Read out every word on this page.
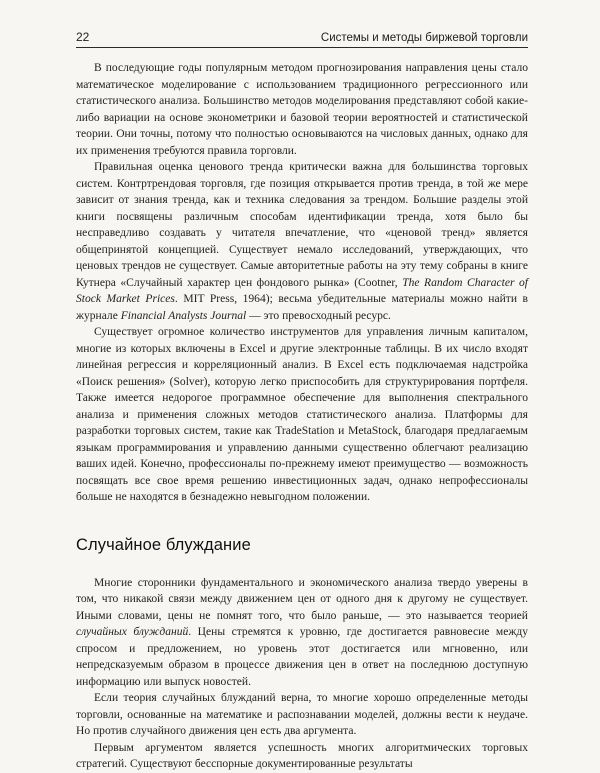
22	Системы и методы биржевой торговли

В последующие годы популярным методом прогнозирования направления цены стало математическое моделирование с использованием традиционного регрессионного или статистического анализа. Большинство методов моделирования представляют собой какие-либо вариации на основе эконометрики и базовой теории вероятностей и статистической теории. Они точны, потому что полностью основываются на числовых данных, однако для их применения требуются правила торговли.

Правильная оценка ценового тренда критически важна для большинства торговых систем. Контртрендовая торговля, где позиция открывается против тренда, в той же мере зависит от знания тренда, как и техника следования за трендом. Большие разделы этой книги посвящены различным способам идентификации тренда, хотя было бы несправедливо создавать у читателя впечатление, что «ценовой тренд» является общепринятой концепцией. Существует немало исследований, утверждающих, что ценовых трендов не существует. Самые авторитетные работы на эту тему собраны в книге Кутнера «Случайный характер цен фондового рынка» (Cootner, The Random Character of Stock Market Prices. MIT Press, 1964); весьма убедительные материалы можно найти в журнале Financial Analysts Journal — это превосходный ресурс.

Существует огромное количество инструментов для управления личным капиталом, многие из которых включены в Excel и другие электронные таблицы. В их число входят линейная регрессия и корреляционный анализ. В Excel есть подключаемая надстройка «Поиск решения» (Solver), которую легко приспособить для структурирования портфеля. Также имеется недорогое программное обеспечение для выполнения спектрального анализа и применения сложных методов статистического анализа. Платформы для разработки торговых систем, такие как TradeStation и MetaStock, благодаря предлагаемым языкам программирования и управлению данными существенно облегчают реализацию ваших идей. Конечно, профессионалы по-прежнему имеют преимущество — возможность посвящать все свое время решению инвестиционных задач, однако непрофессионалы больше не находятся в безнадежно невыгодном положении.

Случайное блуждание

Многие сторонники фундаментального и экономического анализа твердо уверены в том, что никакой связи между движением цен от одного дня к другому не существует. Иными словами, цены не помнят того, что было раньше, — это называется теорией случайных блужданий. Цены стремятся к уровню, где достигается равновесие между спросом и предложением, но уровень этот достигается или мгновенно, или непредсказуемым образом в процессе движения цен в ответ на последнюю доступную информацию или выпуск новостей.

Если теория случайных блужданий верна, то многие хорошо определенные методы торговли, основанные на математике и распознавании моделей, должны вести к неудаче. Но против случайного движения цен есть два аргумента.

Первым аргументом является успешность многих алгоритмических торговых стратегий. Существуют бесспорные документированные результаты
